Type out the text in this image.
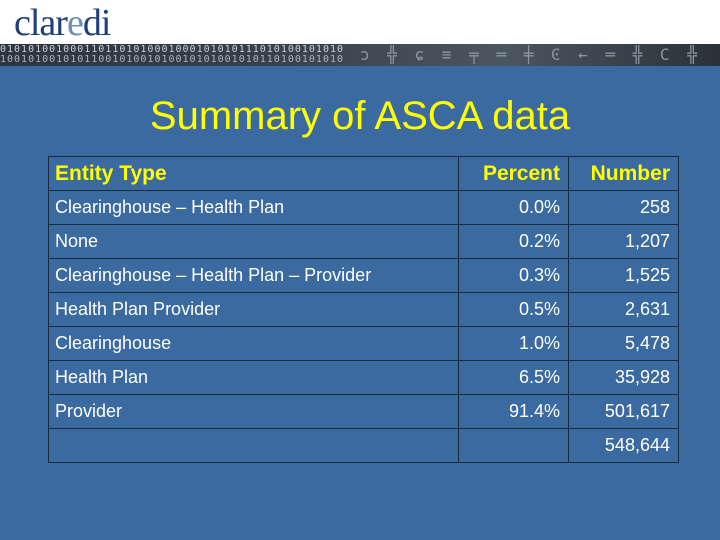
claredi
0101010010001101101010001000101010111010100101010
1001010010101100101001010010101001010110100101010 ɔ ╬ ɕ ≡ ╤ ═ ╪ Ͼ ← ═ ╬ C ╬
Summary of ASCA data
Entity Type	Percent	Number
Clearinghouse – Health Plan	0.0%	258
None	0.2%	1,207
Clearinghouse – Health Plan – Provider	0.3%	1,525
Health Plan Provider	0.5%	2,631
Clearinghouse	1.0%	5,478
Health Plan	6.5%	35,928
Provider	91.4%	501,617
		548,644
